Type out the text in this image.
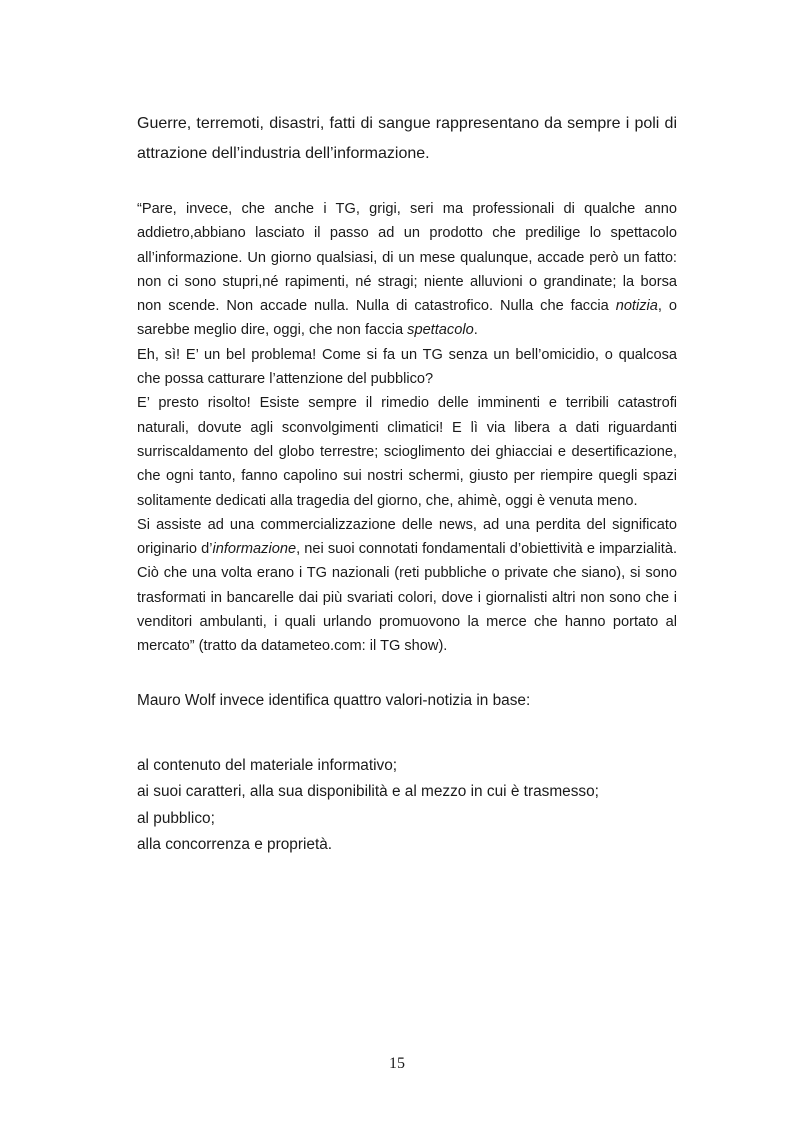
Guerre, terremoti, disastri, fatti di sangue rappresentano da sempre i poli di attrazione dell’industria dell’informazione.

“Pare, invece, che anche i TG, grigi, seri ma professionali di qualche anno addietro,abbiano lasciato il passo ad un prodotto che predilige lo spettacolo all’informazione. Un giorno qualsiasi, di un mese qualunque, accade però un fatto: non ci sono stupri,né rapimenti, né stragi; niente alluvioni o grandinate; la borsa non scende. Non accade nulla. Nulla di catastrofico. Nulla che faccia notizia, o sarebbe meglio dire, oggi, che non faccia spettacolo.

Eh, sì! E’ un bel problema! Come si fa un TG senza un bell’omicidio, o qualcosa che possa catturare l’attenzione del pubblico?

E’ presto risolto! Esiste sempre il rimedio delle imminenti e terribili catastrofi naturali, dovute agli sconvolgimenti climatici! E lì via libera a dati riguardanti surriscaldamento del globo terrestre; scioglimento dei ghiacciai e desertificazione, che ogni tanto, fanno capolino sui nostri schermi, giusto per riempire quegli spazi solitamente dedicati alla tragedia del giorno, che, ahimè, oggi è venuta meno.

Si assiste ad una commercializzazione delle news, ad una perdita del significato originario d’informazione, nei suoi connotati fondamentali d’obiettività e imparzialità. Ciò che una volta erano i TG nazionali (reti pubbliche o private che siano), si sono trasformati in bancarelle dai più svariati colori, dove i giornalisti altri non sono che i venditori ambulanti, i quali urlando promuovono la merce che hanno portato al mercato” (tratto da datameteo.com: il TG show).

Mauro Wolf invece identifica quattro valori-notizia in base:

al contenuto del materiale informativo;
ai suoi caratteri, alla sua disponibilità e al mezzo in cui è trasmesso;
al pubblico;
alla concorrenza e proprietà.
15
